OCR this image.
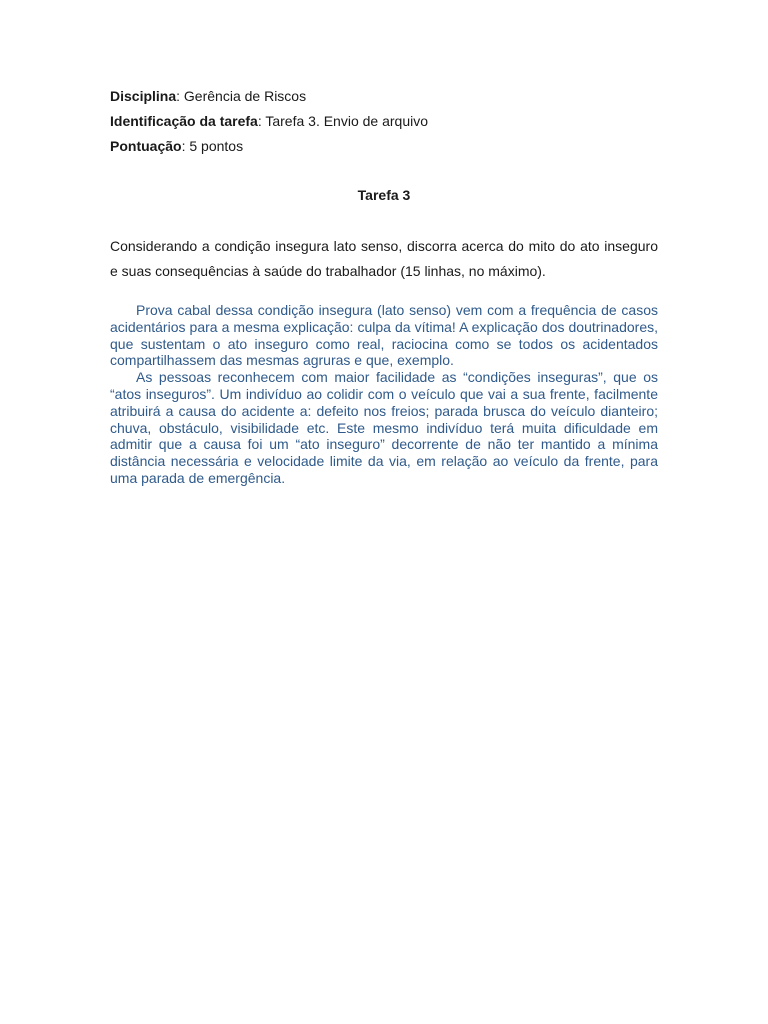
Disciplina: Gerência de Riscos

Identificação da tarefa: Tarefa 3. Envio de arquivo

Pontuação: 5 pontos

Tarefa 3

Considerando a condição insegura lato senso, discorra acerca do mito do ato inseguro e suas consequências à saúde do trabalhador (15 linhas, no máximo).

Prova cabal dessa condição insegura (lato senso) vem com a frequência de casos acidentários para a mesma explicação: culpa da vítima! A explicação dos doutrinadores, que sustentam o ato inseguro como real, raciocina como se todos os acidentados compartilhassem das mesmas agruras e que, exemplo.

As pessoas reconhecem com maior facilidade as “condições inseguras”, que os “atos inseguros”. Um indivíduo ao colidir com o veículo que vai a sua frente, facilmente atribuirá a causa do acidente a: defeito nos freios; parada brusca do veículo dianteiro; chuva, obstáculo, visibilidade etc. Este mesmo indivíduo terá muita dificuldade em admitir que a causa foi um “ato inseguro” decorrente de não ter mantido a mínima distância necessária e velocidade limite da via, em relação ao veículo da frente, para uma parada de emergência.
